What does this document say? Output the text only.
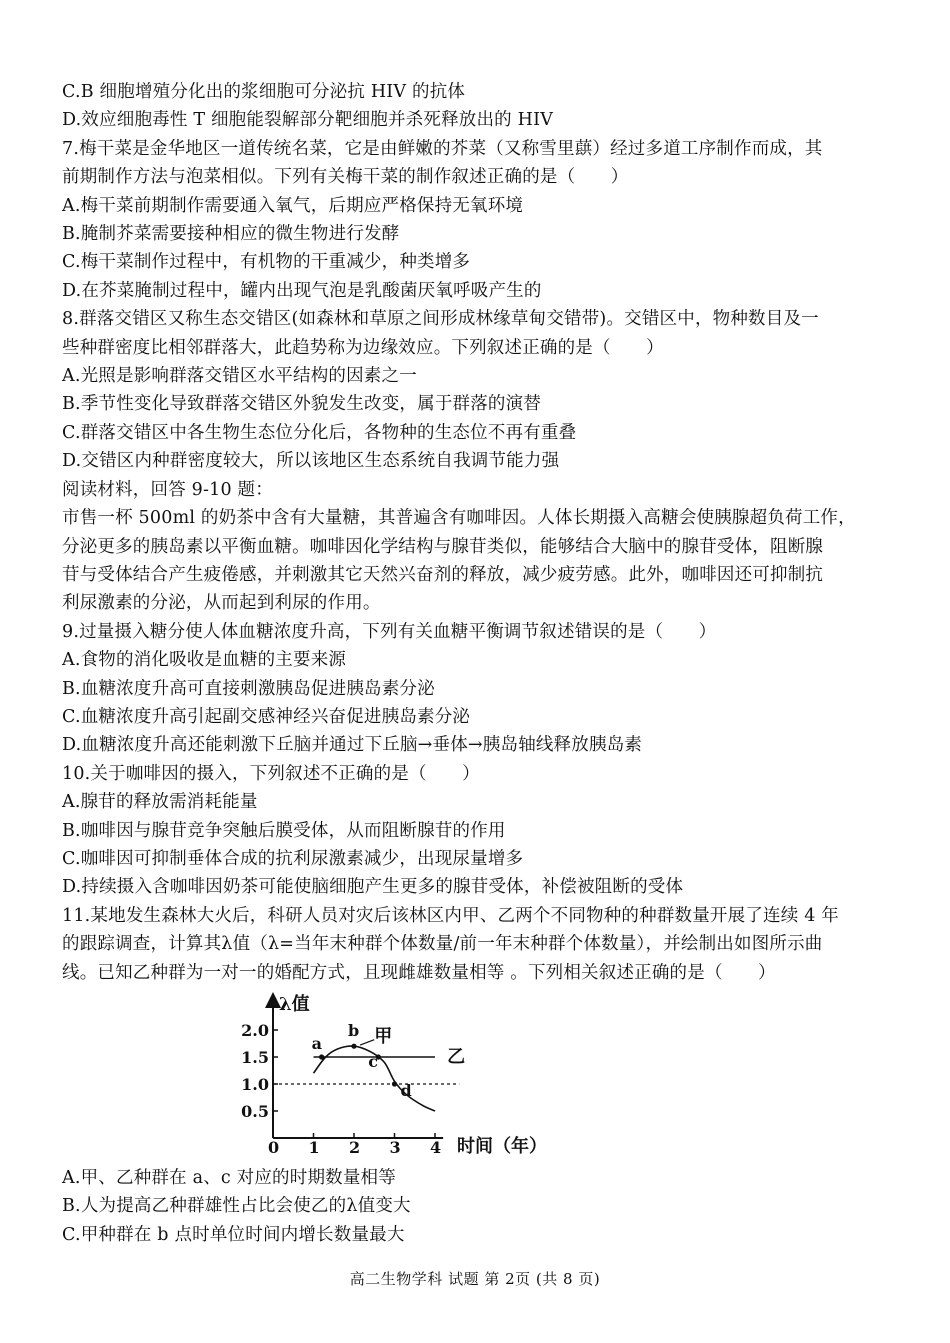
C.B 细胞增殖分化出的浆细胞可分泌抗 HIV 的抗体
D.效应细胞毒性 T 细胞能裂解部分靶细胞并杀死释放出的 HIV
7.梅干菜是金华地区一道传统名菜，它是由鲜嫩的芥菜（又称雪里蕻）经过多道工序制作而成，其
前期制作方法与泡菜相似。下列有关梅干菜的制作叙述正确的是（　　）
A.梅干菜前期制作需要通入氧气，后期应严格保持无氧环境
B.腌制芥菜需要接种相应的微生物进行发酵
C.梅干菜制作过程中，有机物的干重减少，种类增多
D.在芥菜腌制过程中，罐内出现气泡是乳酸菌厌氧呼吸产生的
8.群落交错区又称生态交错区(如森林和草原之间形成林缘草甸交错带)。交错区中，物种数目及一
些种群密度比相邻群落大，此趋势称为边缘效应。下列叙述正确的是（　　）
A.光照是影响群落交错区水平结构的因素之一
B.季节性变化导致群落交错区外貌发生改变，属于群落的演替
C.群落交错区中各生物生态位分化后，各物种的生态位不再有重叠
D.交错区内种群密度较大，所以该地区生态系统自我调节能力强
阅读材料，回答 9-10 题：
市售一杯 500ml 的奶茶中含有大量糖，其普遍含有咖啡因。人体长期摄入高糖会使胰腺超负荷工作，
分泌更多的胰岛素以平衡血糖。咖啡因化学结构与腺苷类似，能够结合大脑中的腺苷受体，阻断腺
苷与受体结合产生疲倦感，并刺激其它天然兴奋剂的释放，减少疲劳感。此外，咖啡因还可抑制抗
利尿激素的分泌，从而起到利尿的作用。
9.过量摄入糖分使人体血糖浓度升高，下列有关血糖平衡调节叙述错误的是（　　）
A.食物的消化吸收是血糖的主要来源
B.血糖浓度升高可直接刺激胰岛促进胰岛素分泌
C.血糖浓度升高引起副交感神经兴奋促进胰岛素分泌
D.血糖浓度升高还能刺激下丘脑并通过下丘脑→垂体→胰岛轴线释放胰岛素
10.关于咖啡因的摄入，下列叙述不正确的是（　　）
A.腺苷的释放需消耗能量
B.咖啡因与腺苷竞争突触后膜受体，从而阻断腺苷的作用
C.咖啡因可抑制垂体合成的抗利尿激素减少，出现尿量增多
D.持续摄入含咖啡因奶茶可能使脑细胞产生更多的腺苷受体，补偿被阻断的受体
11.某地发生森林大火后，科研人员对灾后该林区内甲、乙两个不同物种的种群数量开展了连续 4 年
的跟踪调查，计算其λ值（λ=当年末种群个体数量/前一年末种群个体数量），并绘制出如图所示曲
线。已知乙种群为一对一的婚配方式，且现雌雄数量相等 。下列相关叙述正确的是（　　）
0 1 2 3 4
0.5
1.0
1.5
2.0
λ值
时间（年）
甲
乙
a
b
c
d
A.甲、乙种群在 a、c 对应的时期数量相等
B.人为提高乙种群雄性占比会使乙的λ值变大
C.甲种群在 b 点时单位时间内增长数量最大
高二生物学科 试题 第 2页 (共 8 页)
